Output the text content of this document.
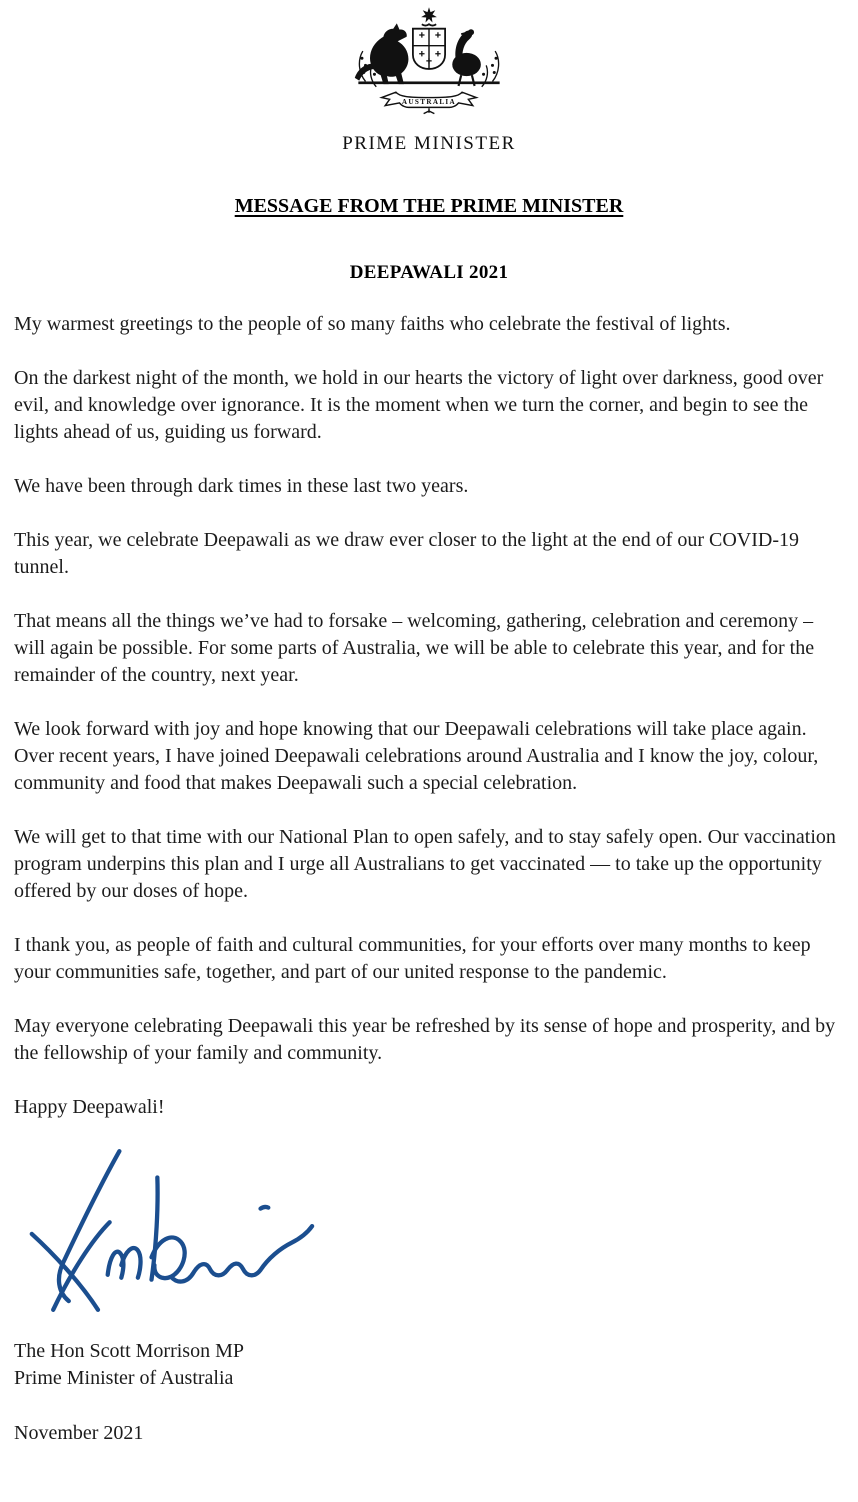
AUSTRALIA
PRIME MINISTER
MESSAGE FROM THE PRIME MINISTER
DEEPAWALI 2021

My warmest greetings to the people of so many faiths who celebrate the festival of lights.

On the darkest night of the month, we hold in our hearts the victory of light over darkness, good over evil, and knowledge over ignorance. It is the moment when we turn the corner, and begin to see the lights ahead of us, guiding us forward.

We have been through dark times in these last two years.

This year, we celebrate Deepawali as we draw ever closer to the light at the end of our COVID-19 tunnel.

That means all the things we’ve had to forsake – welcoming, gathering, celebration and ceremony – will again be possible. For some parts of Australia, we will be able to celebrate this year, and for the remainder of the country, next year.

We look forward with joy and hope knowing that our Deepawali celebrations will take place again. Over recent years, I have joined Deepawali celebrations around Australia and I know the joy, colour, community and food that makes Deepawali such a special celebration.

We will get to that time with our National Plan to open safely, and to stay safely open. Our vaccination program underpins this plan and I urge all Australians to get vaccinated — to take up the opportunity offered by our doses of hope.

I thank you, as people of faith and cultural communities, for your efforts over many months to keep your communities safe, together, and part of our united response to the pandemic.

May everyone celebrating Deepawali this year be refreshed by its sense of hope and prosperity, and by the fellowship of your family and community.

Happy Deepawali!

The Hon Scott Morrison MP
Prime Minister of Australia
November 2021
